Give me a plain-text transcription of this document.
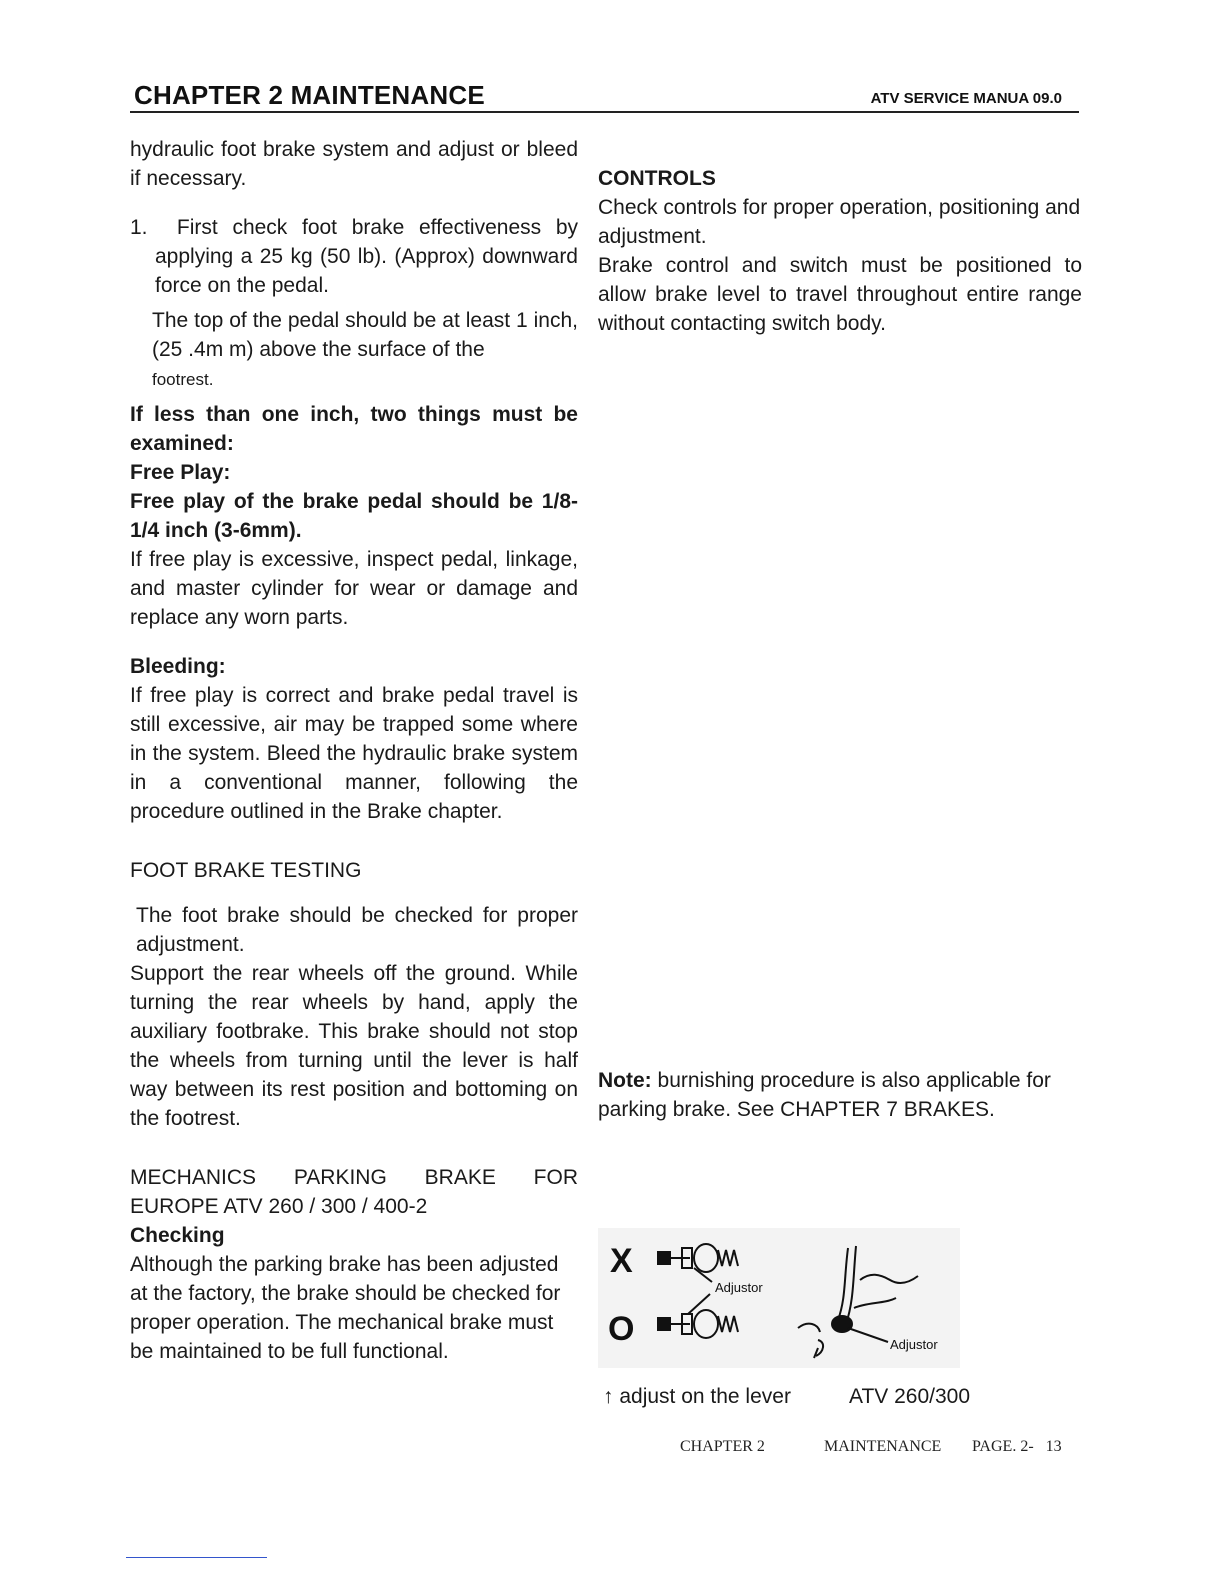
CHAPTER 2 MAINTENANCE	ATV SERVICE MANUA 09.0

hydraulic foot brake system and adjust or bleed if necessary.

1. First check foot brake effectiveness by applying a 25 kg (50 lb). (Approx) downward force on the pedal.

The top of the pedal should be at least 1 inch, (25 .4m m) above the surface of the
footrest.

If less than one inch, two things must be examined:

Free Play:

Free play of the brake pedal should be 1/8-1/4 inch (3-6mm).

If free play is excessive, inspect pedal, linkage, and master cylinder for wear or damage and replace any worn parts.

Bleeding:

If free play is correct and brake pedal travel is still excessive, air may be trapped some where in the system. Bleed the hydraulic brake system in a conventional manner, following the procedure outlined in the Brake chapter.

FOOT BRAKE TESTING

The foot brake should be checked for proper adjustment.

Support the rear wheels off the ground. While turning the rear wheels by hand, apply the auxiliary footbrake. This brake should not stop the wheels from turning until the lever is half way between its rest position and bottoming on the footrest.

MECHANICS PARKING BRAKE FOR

EUROPE ATV 260 / 300 / 400-2

Checking

Although the parking brake has been adjusted at the factory, the brake should be checked for proper operation. The mechanical brake must be maintained to be full functional.

CONTROLS

Check controls for proper operation, positioning and adjustment.

Brake control and switch must be positioned to allow brake level to travel throughout entire range without contacting switch body.

Note: burnishing procedure is also applicable for parking brake. See CHAPTER 7 BRAKES.

X
O
Adjustor
Adjustor
↑ adjust on the lever	ATV 260/300
CHAPTER 2	MAINTENANCE PAGE. 2-   13
